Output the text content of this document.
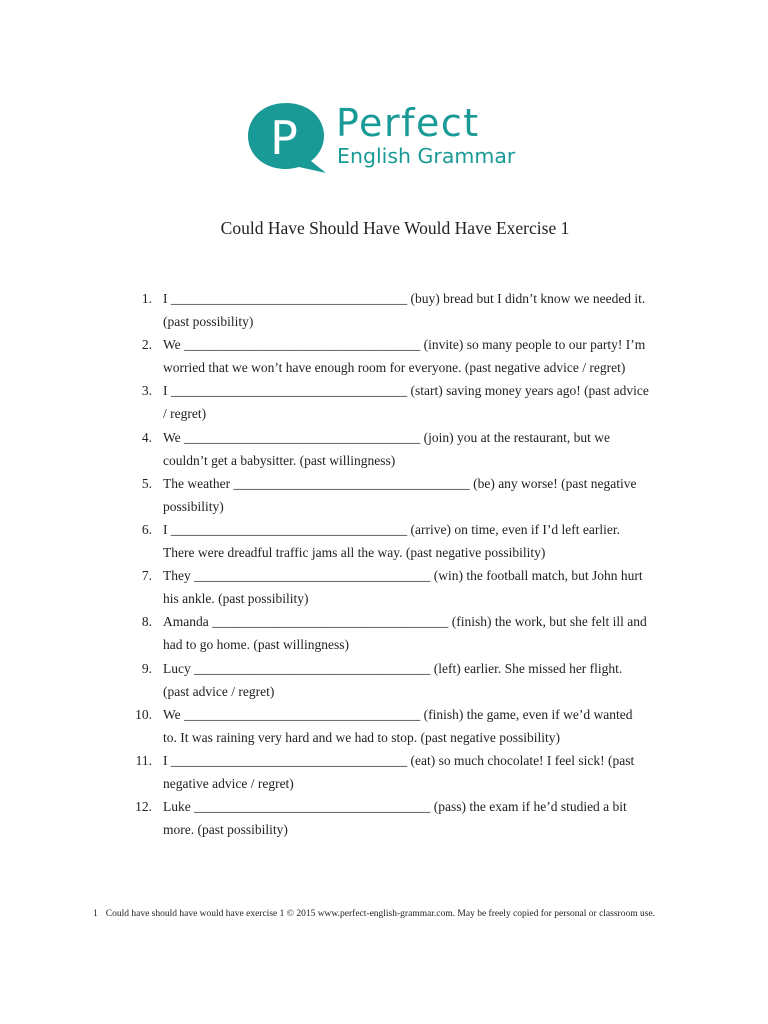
P Perfect
English Grammar
Could Have Should Have Would Have Exercise 1
1. I ___________________________________ (buy) bread but I didn’t know we needed it.
(past possibility)
2. We ___________________________________ (invite) so many people to our party! I’m
worried that we won’t have enough room for everyone. (past negative advice / regret)
3. I ___________________________________ (start) saving money years ago! (past advice
/ regret)
4. We ___________________________________ (join) you at the restaurant, but we
couldn’t get a babysitter. (past willingness)
5. The weather ___________________________________ (be) any worse! (past negative
possibility)
6. I ___________________________________ (arrive) on time, even if I’d left earlier.
There were dreadful traffic jams all the way. (past negative possibility)
7. They ___________________________________ (win) the football match, but John hurt
his ankle. (past possibility)
8. Amanda ___________________________________ (finish) the work, but she felt ill and
had to go home. (past willingness)
9. Lucy ___________________________________ (left) earlier. She missed her flight.
(past advice / regret)
10. We ___________________________________ (finish) the game, even if we’d wanted
to. It was raining very hard and we had to stop. (past negative possibility)
11. I ___________________________________ (eat) so much chocolate! I feel sick! (past
negative advice / regret)
12. Luke ___________________________________ (pass) the exam if he’d studied a bit
more. (past possibility)
1 Could have should have would have exercise 1 © 2015 www.perfect-english-grammar.com. May be freely copied for personal or classroom use.
